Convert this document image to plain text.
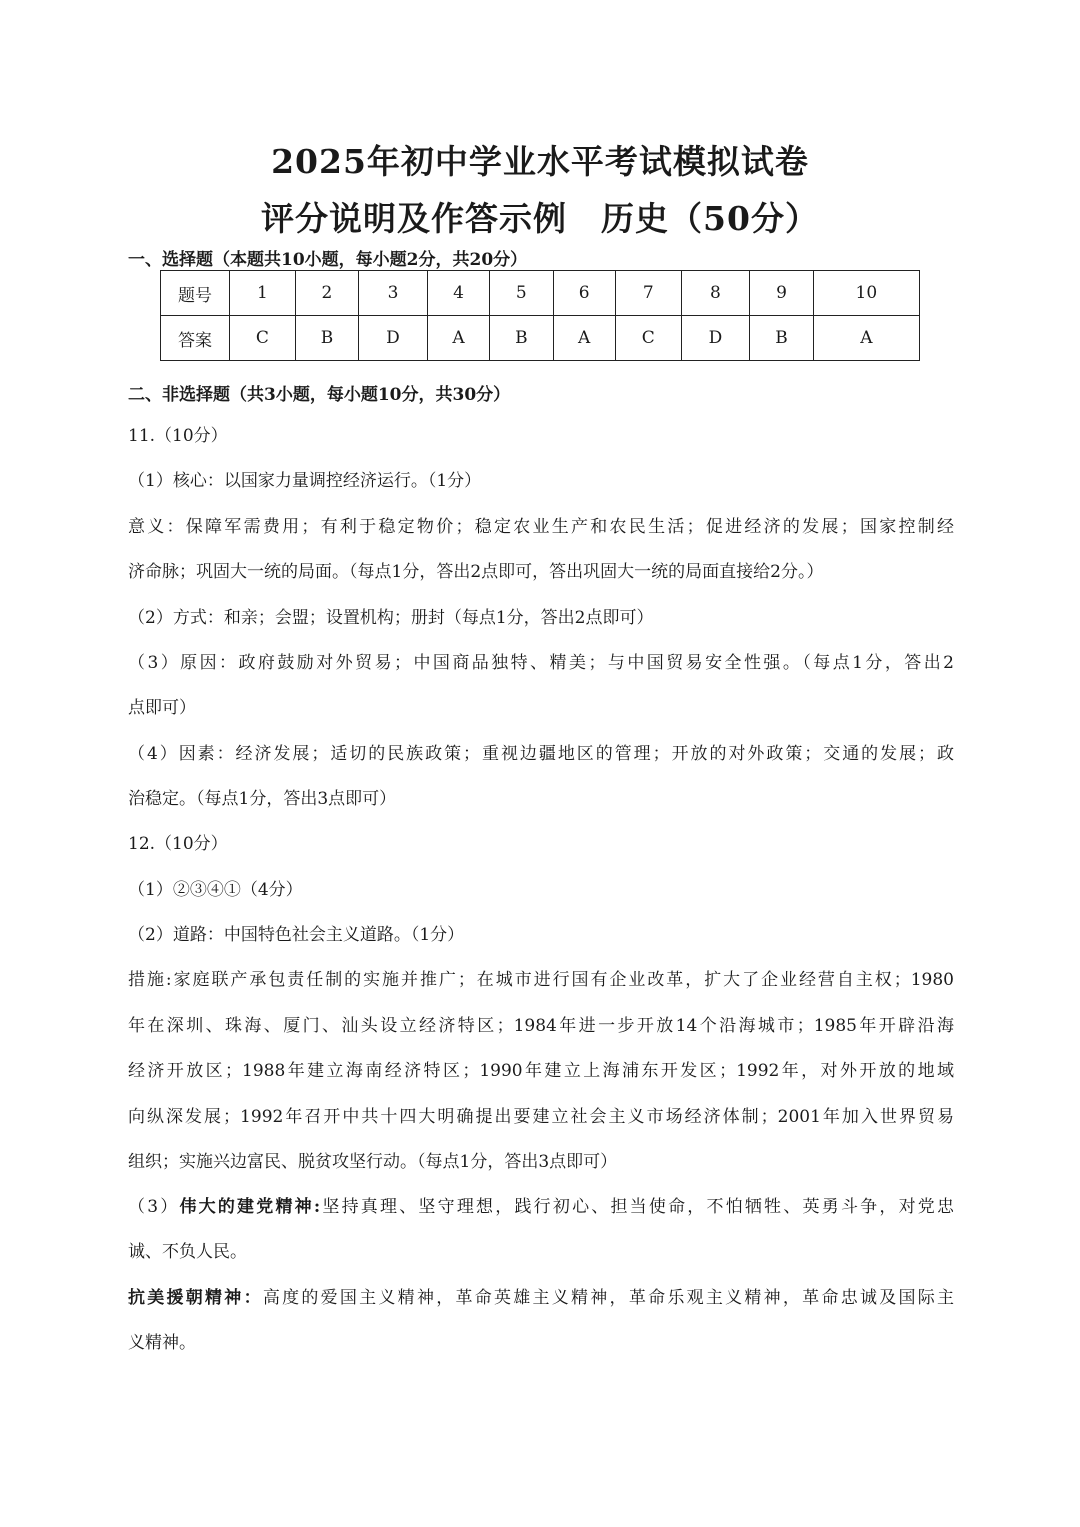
2025年初中学业水平考试模拟试卷
评分说明及作答示例　历史（50分）
一、选择题（本题共10小题，每小题2分，共20分）
题号	1	2	3	4	5	6	7	8	9	10
答案	C	B	D	A	B	A	C	D	B	A
二、非选择题（共3小题，每小题10分，共30分）
11.（10分）
（1）核心：以国家力量调控经济运行。（1分）
意义：保障军需费用；有利于稳定物价；稳定农业生产和农民生活；促进经济的发展；国家控制经
济命脉；巩固大一统的局面。（每点1分，答出2点即可，答出巩固大一统的局面直接给2分。）
（2）方式：和亲；会盟；设置机构；册封（每点1分，答出2点即可）
（3）原因：政府鼓励对外贸易；中国商品独特、精美；与中国贸易安全性强。（每点1分，答出2
点即可）
（4）因素：经济发展；适切的民族政策；重视边疆地区的管理；开放的对外政策；交通的发展；政
治稳定。（每点1分，答出3点即可）
12.（10分）
（1）②③④①（4分）
（2）道路：中国特色社会主义道路。（1分）
措施:家庭联产承包责任制的实施并推广；在城市进行国有企业改革，扩大了企业经营自主权；1980
年在深圳、珠海、厦门、汕头设立经济特区；1984年进一步开放14个沿海城市；1985年开辟沿海
经济开放区；1988年建立海南经济特区；1990年建立上海浦东开发区；1992年，对外开放的地域
向纵深发展；1992年召开中共十四大明确提出要建立社会主义市场经济体制；2001年加入世界贸易
组织；实施兴边富民、脱贫攻坚行动。（每点1分，答出3点即可）
（3）伟大的建党精神:坚持真理、坚守理想，践行初心、担当使命，不怕牺牲、英勇斗争，对党忠
诚、不负人民。
抗美援朝精神：高度的爱国主义精神，革命英雄主义精神，革命乐观主义精神，革命忠诚及国际主
义精神。
